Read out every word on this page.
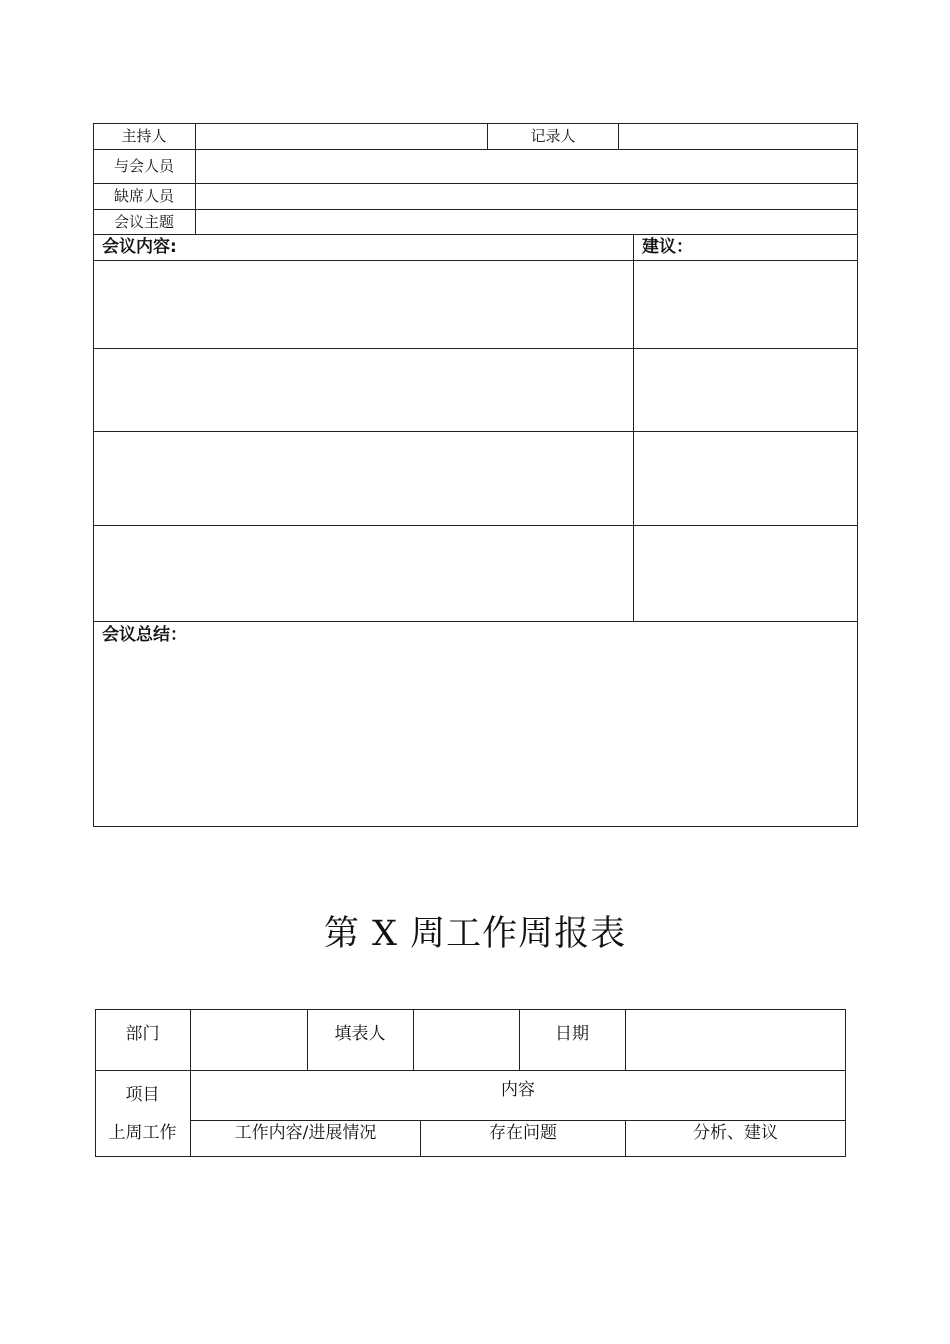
主持人	记录人
与会人员
缺席人员
会议主题
会议内容:	建议：
会议总结：
第 X 周工作周报表
部门	填表人	日期
项目	内容
上周工作	工作内容/进展情况	存在问题	分析、建议
